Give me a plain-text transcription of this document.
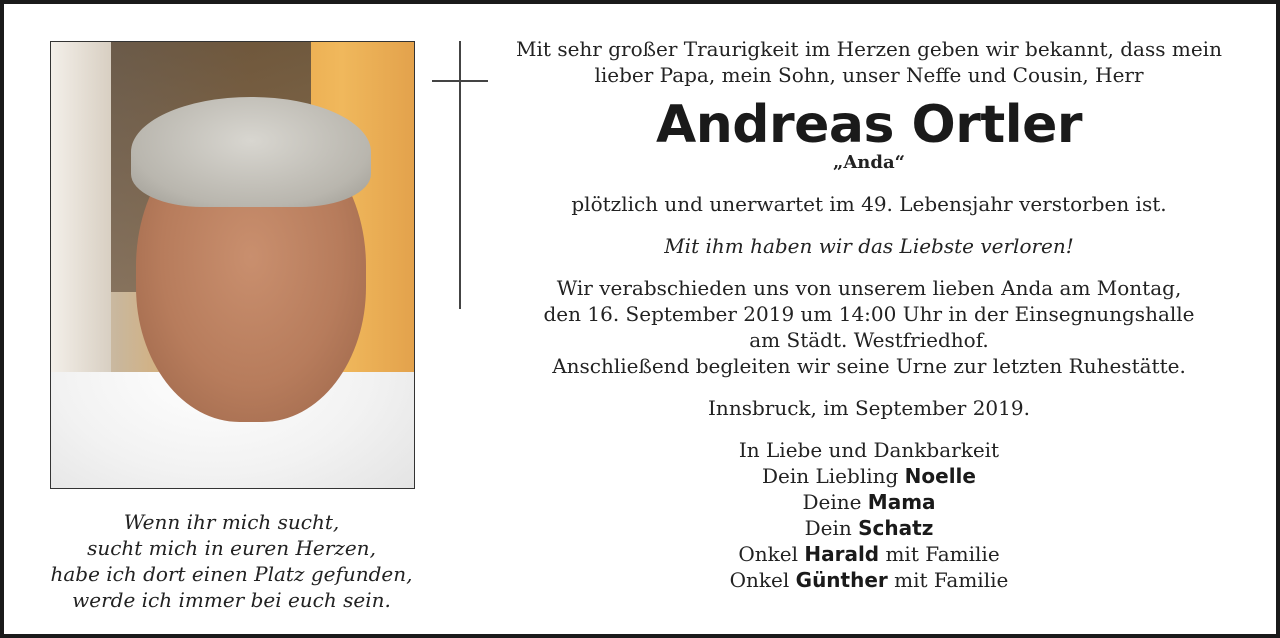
Wenn ihr mich sucht,
sucht mich in euren Herzen,
habe ich dort einen Platz gefunden,
werde ich immer bei euch sein.
Mit sehr großer Traurigkeit im Herzen geben wir bekannt, dass mein
lieber Papa, mein Sohn, unser Neffe und Cousin, Herr
Andreas Ortler
„Anda“
plötzlich und unerwartet im 49. Lebensjahr verstorben ist.
Mit ihm haben wir das Liebste verloren!
Wir verabschieden uns von unserem lieben Anda am Montag,
den 16. September 2019 um 14:00 Uhr in der Einsegnungshalle
am Städt. Westfriedhof.
Anschließend begleiten wir seine Urne zur letzten Ruhestätte.
Innsbruck, im September 2019.
In Liebe und Dankbarkeit
Dein Liebling Noelle
Deine Mama
Dein Schatz
Onkel Harald mit Familie
Onkel Günther mit Familie
